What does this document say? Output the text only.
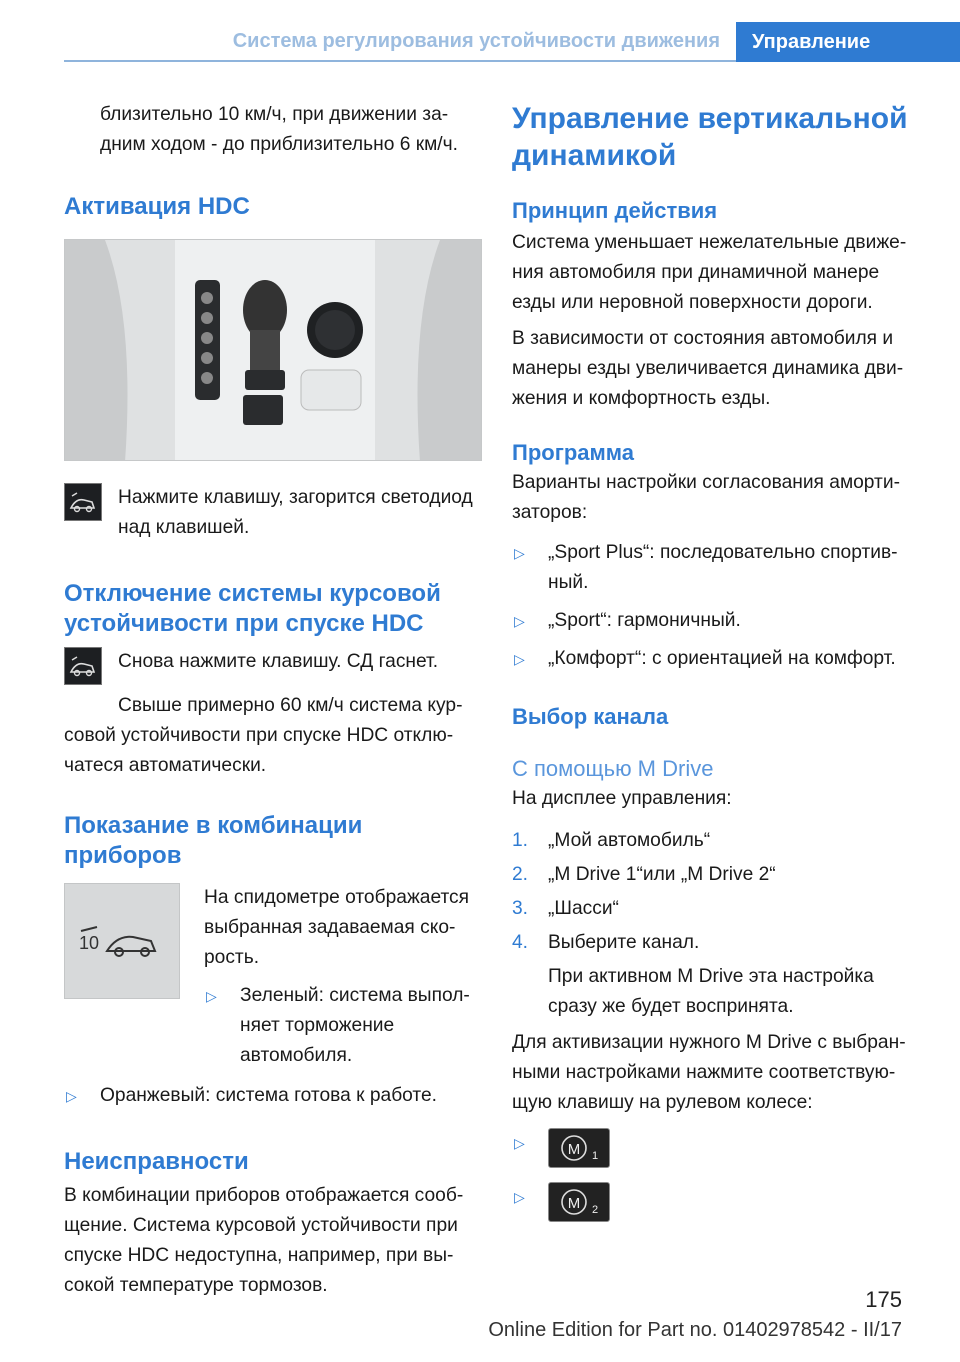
Система регулирования устойчивости движения	Управление

близительно 10 км/ч, при движении задним ходом - до приблизительно 6 км/ч.

Активация HDC

Нажмите клавишу, загорится светодиод над клавишей.

Отключение системы курсовой устойчивости при спуске HDC

Снова нажмите клавишу. СД гаснет.

Свыше примерно 60 км/ч система курсовой устойчивости при спуске HDC отключатеся автоматически.

Показание в комбинации приборов
10

На спидометре отображается выбранная задаваемая скорость.

▷ Зеленый: система выполняет торможение автомобиля.
▷ Оранжевый: система готова к работе.
Неисправности

В комбинации приборов отображается сообщение. Система курсовой устойчивости при спуске HDC недоступна, например, при высокой температуре тормозов.

Управление вертикальной динамикой
Принцип действия

Система уменьшает нежелательные движения автомобиля при динамичной манере езды или неровной поверхности дороги.

В зависимости от состояния автомобиля и манеры езды увеличивается динамика движения и комфортность езды.

Программа

Варианты настройки согласования амортизаторов:

▷ „Sport Plus“: последовательно спортивный.
▷ „Sport“: гармоничный.
▷ „Комфорт“: с ориентацией на комфорт.
Выбор канала
С помощью M Drive

На дисплее управления:

1. „Мой автомобиль“
2. „M Drive 1“или „M Drive 2“
3. „Шасси“
4. Выберите канал.

При активном M Drive эта настройка сразу же будет воспринята.

Для активизации нужного M Drive с выбранными настройками нажмите соответствующую клавишу на рулевом колесе:

▷ M 1
▷ M 2
175
Online Edition for Part no. 01402978542 - II/17
